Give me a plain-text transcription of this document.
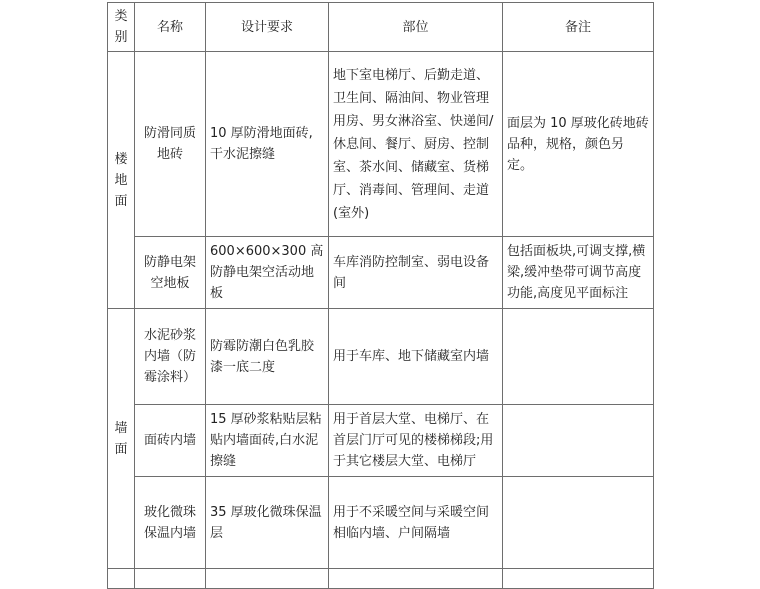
类别	名称	设计要求	部位	备注
楼地面	防滑同质地砖	10 厚防滑地面砖,干水泥擦缝	地下室电梯厅、后勤走道、卫生间、隔油间、物业管理用房、男女淋浴室、快递间/休息间、餐厅、厨房、控制室、茶水间、储藏室、货梯厅、消毒间、管理间、走道(室外)	面层为 10 厚玻化砖地砖品种，规格，颜色另定。
	防静电架空地板	600×600×300 高防静电架空活动地板	车库消防控制室、弱电设备间	包括面板块,可调支撑,横梁,缓冲垫带可调节高度功能,高度见平面标注
墙面	水泥砂浆内墙（防霉涂料）	防霉防潮白色乳胶漆一底二度	用于车库、地下储藏室内墙	
	面砖内墙	15 厚砂浆粘贴层粘贴内墙面砖,白水泥擦缝	用于首层大堂、电梯厅、在首层门厅可见的楼梯梯段;用于其它楼层大堂、电梯厅	
	玻化微珠保温内墙	35 厚玻化微珠保温层	用于不采暖空间与采暖空间相临内墙、户间隔墙	
